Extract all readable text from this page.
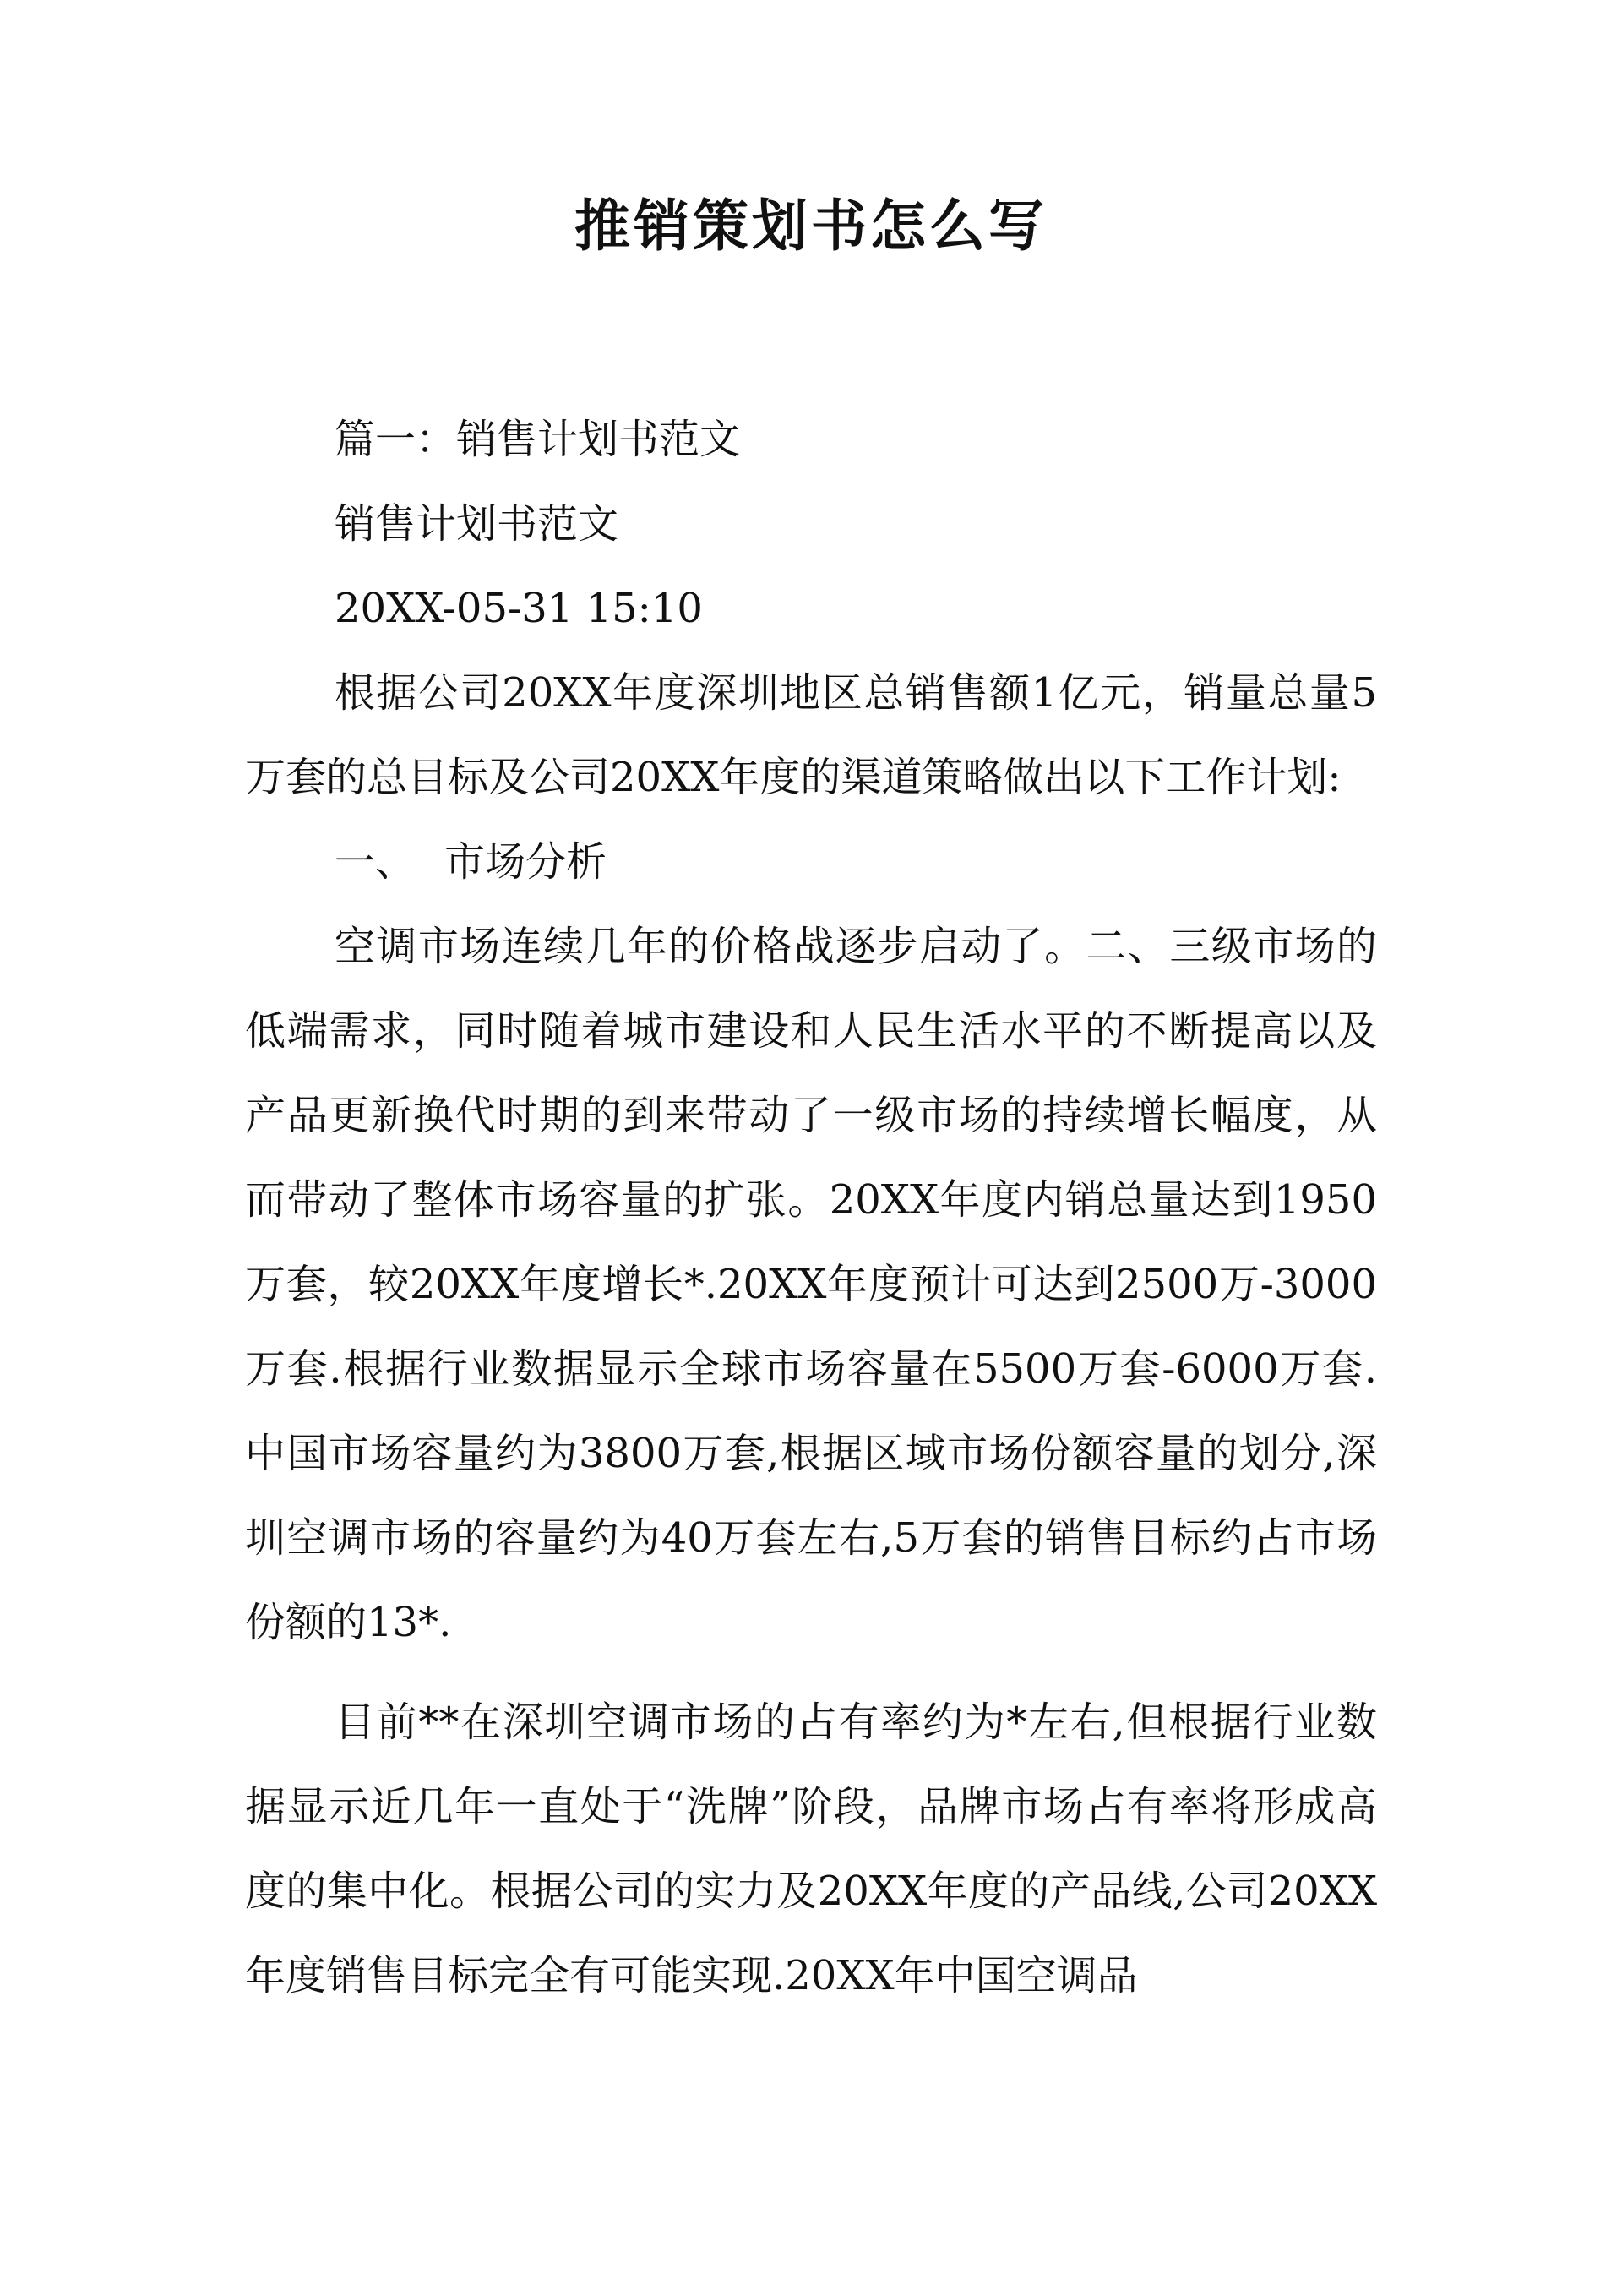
推销策划书怎么写

篇一：销售计划书范文

销售计划书范文

20XX-05-31 15:10

根据公司20XX年度深圳地区总销售额1亿元，销量总量5万套的总目标及公司20XX年度的渠道策略做出以下工作计划:

一、 市场分析

空调市场连续几年的价格战逐步启动了。二、三级市场的低端需求，同时随着城市建设和人民生活水平的不断提高以及产品更新换代时期的到来带动了一级市场的持续增长幅度，从而带动了整体市场容量的扩张。20XX年度内销总量达到1950万套，较20XX年度增长*.20XX年度预计可达到2500万-3000万套.根据行业数据显示全球市场容量在5500万套-6000万套.中国市场容量约为3800万套,根据区域市场份额容量的划分,深圳空调市场的容量约为40万套左右,5万套的销售目标约占市场份额的13*.

目前**在深圳空调市场的占有率约为*左右,但根据行业数据显示近几年一直处于“洗牌”阶段，品牌市场占有率将形成高度的集中化。根据公司的实力及20XX年度的产品线,公司20XX年度销售目标完全有可能实现.20XX年中国空调品
